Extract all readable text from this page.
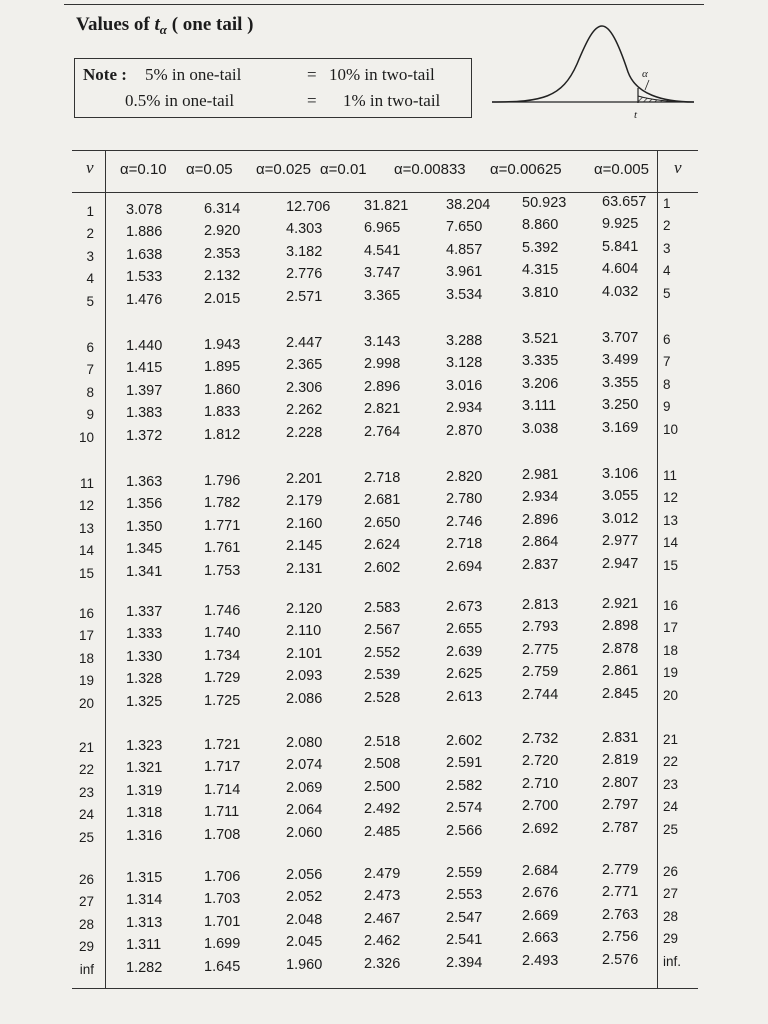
Values of $t_\alpha$ ( one tail )
Note : 5% in one-tail	= 10% in two-tail
0.5% in one-tail	= 1% in two-tail
α
t
ν α=0.10 α=0.05 α=0.025 α=0.01 α=0.00833 α=0.00625 α=0.005 ν
1 3.078	6.314	12.706 31.821	38.204 50.923 63.657 1
2 1.886	2.920	4.303	6.965	7.650	8.860	9.925 2
3 1.638	2.353	3.182	4.541	4.857	5.392	5.841 3
4 1.533	2.132	2.776	3.747	3.961	4.315	4.604 4
5 1.476	2.015	2.571	3.365	3.534	3.810	4.032 5
6 1.440	1.943	2.447	3.143	3.288	3.521	3.707 6
7 1.415	1.895	2.365	2.998	3.128	3.335	3.499 7
8 1.397	1.860	2.306	2.896	3.016	3.206	3.355 8
9 1.383	1.833	2.262	2.821	2.934	3.111	3.250 9
10 1.372	1.812	2.228	2.764	2.870	3.038	3.169 10
11 1.363	1.796	2.201	2.718	2.820	2.981	3.106 11
12 1.356	1.782	2.179	2.681	2.780	2.934	3.055 12
13 1.350	1.771	2.160	2.650	2.746	2.896	3.012 13
14 1.345	1.761	2.145	2.624	2.718	2.864	2.977 14
15 1.341	1.753	2.131	2.602	2.694	2.837	2.947 15
16 1.337	1.746	2.120	2.583	2.673	2.813	2.921 16
17 1.333	1.740	2.110	2.567	2.655	2.793	2.898 17
18 1.330	1.734	2.101	2.552	2.639	2.775	2.878 18
19 1.328	1.729	2.093	2.539	2.625	2.759	2.861 19
20 1.325	1.725	2.086	2.528	2.613	2.744	2.845 20
21 1.323	1.721	2.080	2.518	2.602	2.732	2.831 21
22 1.321	1.717	2.074	2.508	2.591	2.720	2.819 22
23 1.319	1.714	2.069	2.500	2.582	2.710	2.807 23
24 1.318	1.711	2.064	2.492	2.574	2.700	2.797 24
25 1.316	1.708	2.060	2.485	2.566	2.692	2.787 25
26 1.315	1.706	2.056	2.479	2.559	2.684	2.779 26
27 1.314	1.703	2.052	2.473	2.553	2.676	2.771 27
28 1.313	1.701	2.048	2.467	2.547	2.669	2.763 28
29 1.311	1.699	2.045	2.462	2.541	2.663	2.756 29
inf 1.282	1.645	1.960	2.326	2.394	2.493	2.576 inf.
